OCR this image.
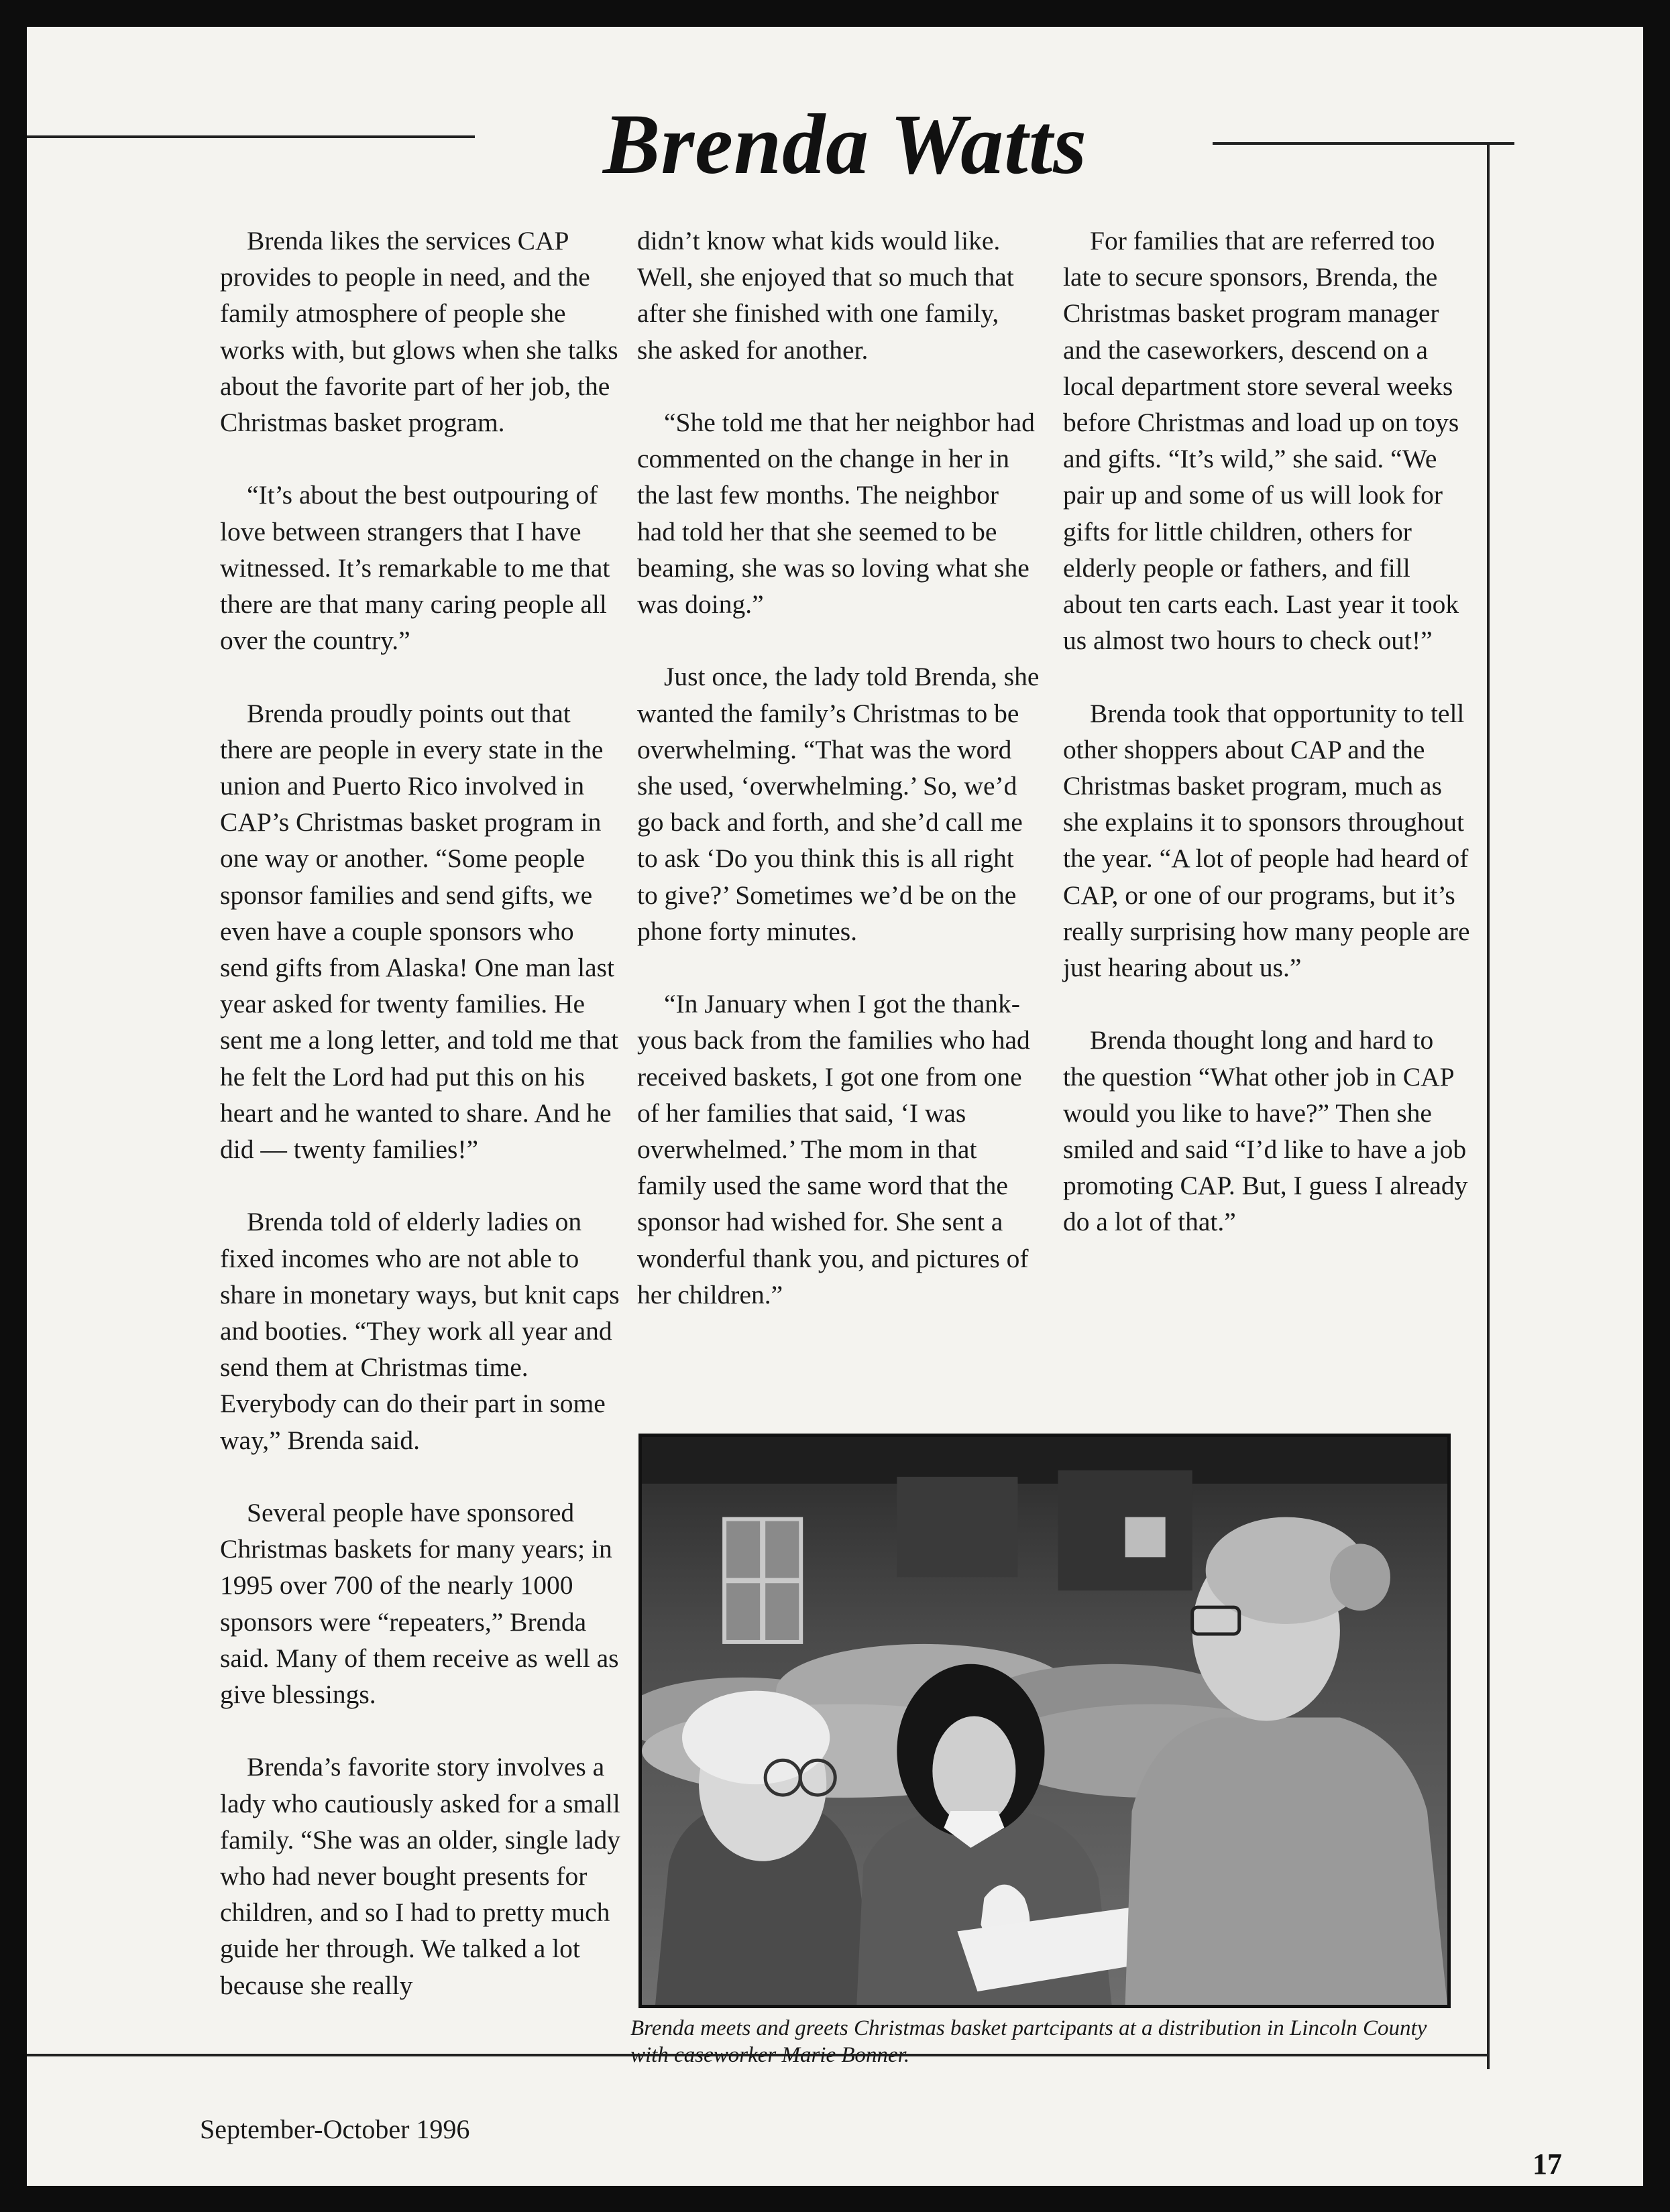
Brenda Watts

Brenda likes the services CAP provides to people in need, and the family atmosphere of people she works with, but glows when she talks about the favorite part of her job, the Christmas basket program.

“It’s about the best outpouring of love between strangers that I have witnessed. It’s remarkable to me that there are that many caring people all over the country.”

Brenda proudly points out that there are people in every state in the union and Puerto Rico involved in CAP’s Christmas basket program in one way or another. “Some people sponsor families and send gifts, we even have a couple sponsors who send gifts from Alaska! One man last year asked for twenty families. He sent me a long letter, and told me that he felt the Lord had put this on his heart and he wanted to share. And he did — twenty families!”

Brenda told of elderly ladies on fixed incomes who are not able to share in monetary ways, but knit caps and booties. “They work all year and send them at Christmas time. Everybody can do their part in some way,” Brenda said.

Several people have sponsored Christmas baskets for many years; in 1995 over 700 of the nearly 1000 sponsors were “repeaters,” Brenda said. Many of them receive as well as give blessings.

Brenda’s favorite story involves a lady who cautiously asked for a small family. “She was an older, single lady who had never bought presents for children, and so I had to pretty much guide her through. We talked a lot because she really

didn’t know what kids would like. Well, she enjoyed that so much that after she finished with one family, she asked for another.

“She told me that her neighbor had commented on the change in her in the last few months. The neighbor had told her that she seemed to be beaming, she was so loving what she was doing.”

Just once, the lady told Brenda, she wanted the family’s Christmas to be overwhelming. “That was the word she used, ‘overwhelming.’ So, we’d go back and forth, and she’d call me to ask ‘Do you think this is all right to give?’ Sometimes we’d be on the phone forty minutes.

“In January when I got the thank- yous back from the families who had received baskets, I got one from one of her families that said, ‘I was overwhelmed.’ The mom in that family used the same word that the sponsor had wished for. She sent a wonderful thank you, and pictures of her children.”

For families that are referred too late to secure sponsors, Brenda, the Christmas basket program manager and the caseworkers, descend on a local department store several weeks before Christmas and load up on toys and gifts. “It’s wild,” she said. “We pair up and some of us will look for gifts for little children, others for elderly people or fathers, and fill about ten carts each. Last year it took us almost two hours to check out!”

Brenda took that opportunity to tell other shoppers about CAP and the Christmas basket program, much as she explains it to sponsors throughout the year. “A lot of people had heard of CAP, or one of our programs, but it’s really surprising how many people are just hearing about us.”

Brenda thought long and hard to the question “What other job in CAP would you like to have?” Then she smiled and said “I’d like to have a job promoting CAP. But, I guess I already do a lot of that.”

Brenda meets and greets Christmas basket partcipants at a distribution in Lincoln County with caseworker Marie Bonner.
September-October 1996
17
